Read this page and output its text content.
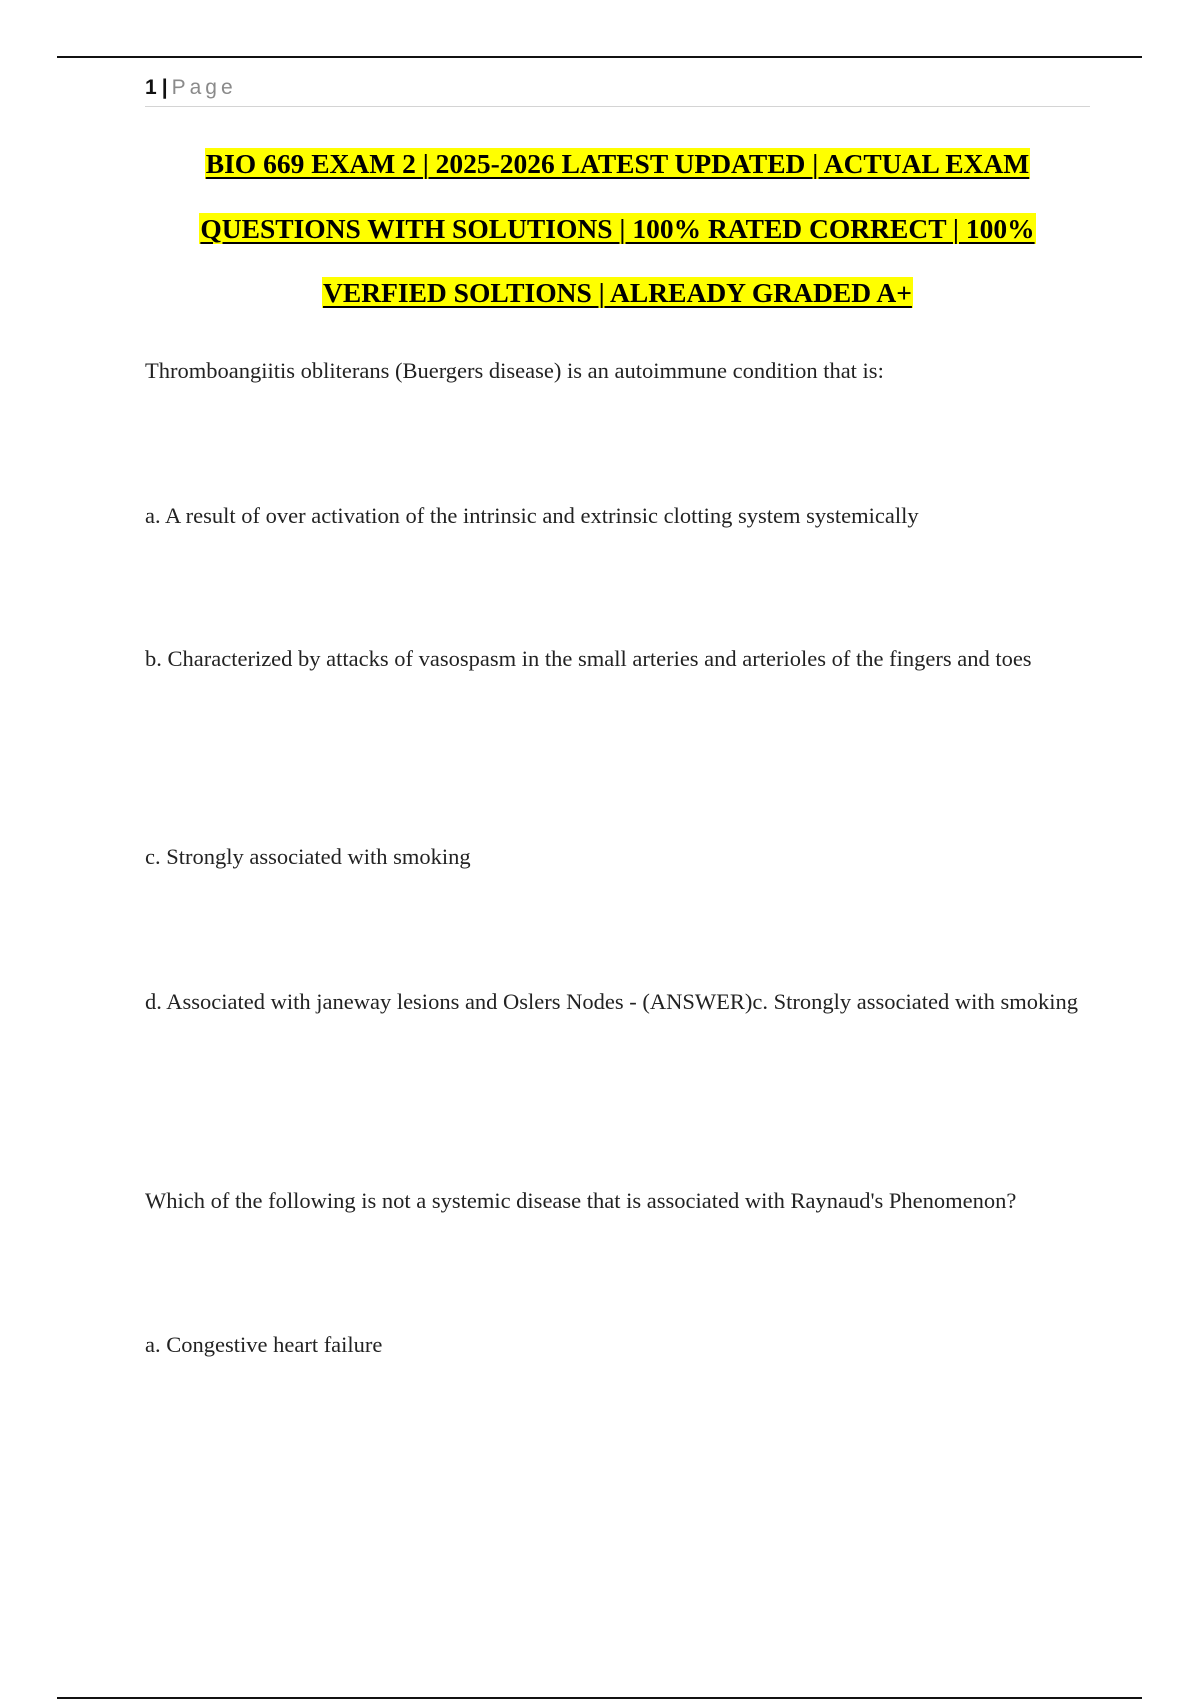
1 | Page
BIO 669 EXAM 2 | 2025-2026 LATEST UPDATED | ACTUAL EXAM
QUESTIONS WITH SOLUTIONS | 100% RATED CORRECT | 100%
VERFIED SOLTIONS | ALREADY GRADED A+

Thromboangiitis obliterans (Buergers disease) is an autoimmune condition that is:

a. A result of over activation of the intrinsic and extrinsic clotting system systemically

b. Characterized by attacks of vasospasm in the small arteries and arterioles of the fingers and toes

c. Strongly associated with smoking

d. Associated with janeway lesions and Oslers Nodes - (ANSWER)c. Strongly associated with smoking

Which of the following is not a systemic disease that is associated with Raynaud's Phenomenon?

a. Congestive heart failure
